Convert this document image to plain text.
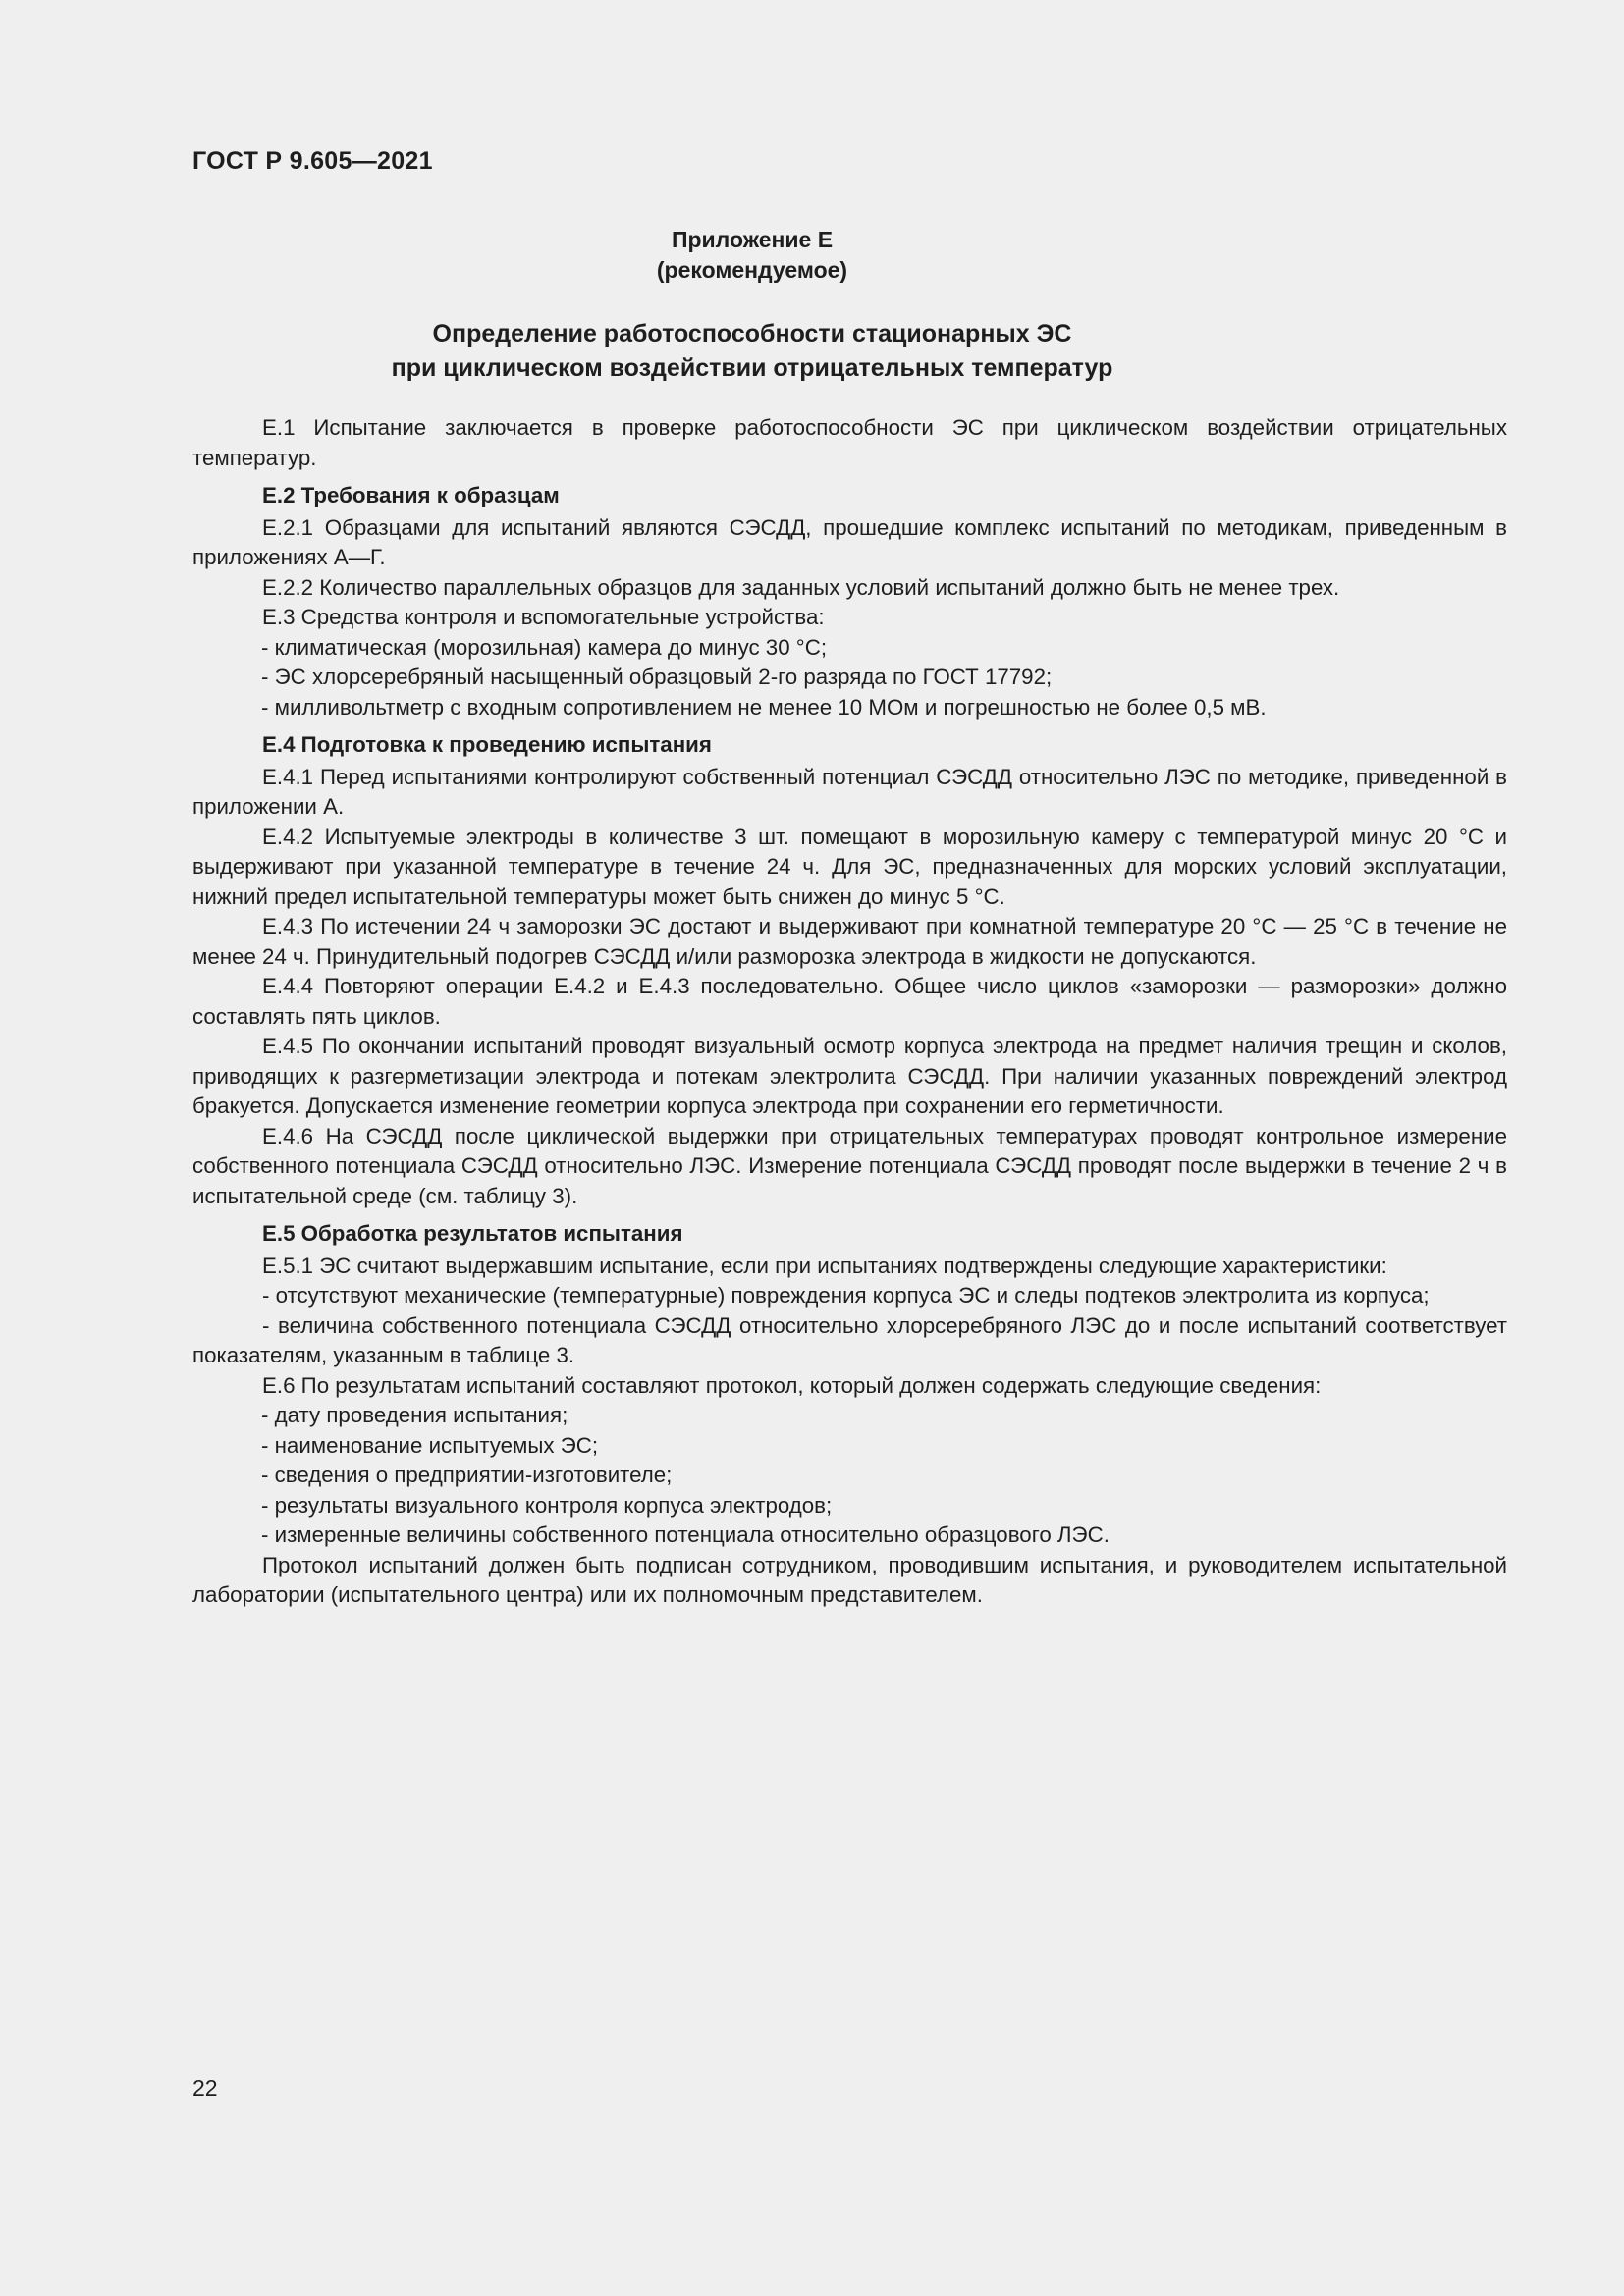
ГОСТ Р 9.605—2021
Приложение Е
(рекомендуемое)
Определение работоспособности стационарных ЭС
при циклическом воздействии отрицательных температур

Е.1 Испытание заключается в проверке работоспособности ЭС при циклическом воздействии отрицательных температур.

Е.2 Требования к образцам

Е.2.1 Образцами для испытаний являются СЭСДД, прошедшие комплекс испытаний по методикам, приведенным в приложениях А—Г.

Е.2.2 Количество параллельных образцов для заданных условий испытаний должно быть не менее трех.

Е.3 Средства контроля и вспомогательные устройства:

- климатическая (морозильная) камера до минус 30 °С;

- ЭС хлорсеребряный насыщенный образцовый 2-го разряда по ГОСТ 17792;

- милливольтметр с входным сопротивлением не менее 10 МОм и погрешностью не более 0,5 мВ.

Е.4 Подготовка к проведению испытания

Е.4.1 Перед испытаниями контролируют собственный потенциал СЭСДД относительно ЛЭС по методике, приведенной в приложении А.

Е.4.2 Испытуемые электроды в количестве 3 шт. помещают в морозильную камеру с температурой минус 20 °С и выдерживают при указанной температуре в течение 24 ч. Для ЭС, предназначенных для морских условий эксплуатации, нижний предел испытательной температуры может быть снижен до минус 5 °С.

Е.4.3 По истечении 24 ч заморозки ЭС достают и выдерживают при комнатной температуре 20 °С — 25 °С в течение не менее 24 ч. Принудительный подогрев СЭСДД и/или разморозка электрода в жидкости не допускаются.

Е.4.4 Повторяют операции Е.4.2 и Е.4.3 последовательно. Общее число циклов «заморозки — разморозки» должно составлять пять циклов.

Е.4.5 По окончании испытаний проводят визуальный осмотр корпуса электрода на предмет наличия трещин и сколов, приводящих к разгерметизации электрода и потекам электролита СЭСДД. При наличии указанных повреждений электрод бракуется. Допускается изменение геометрии корпуса электрода при сохранении его герметичности.

Е.4.6 На СЭСДД после циклической выдержки при отрицательных температурах проводят контрольное измерение собственного потенциала СЭСДД относительно ЛЭС. Измерение потенциала СЭСДД проводят после выдержки в течение 2 ч в испытательной среде (см. таблицу 3).

Е.5 Обработка результатов испытания

Е.5.1 ЭС считают выдержавшим испытание, если при испытаниях подтверждены следующие характеристики:

- отсутствуют механические (температурные) повреждения корпуса ЭС и следы подтеков электролита из корпуса;

- величина собственного потенциала СЭСДД относительно хлорсеребряного ЛЭС до и после испытаний соответствует показателям, указанным в таблице 3.

Е.6 По результатам испытаний составляют протокол, который должен содержать следующие сведения:

- дату проведения испытания;

- наименование испытуемых ЭС;

- сведения о предприятии-изготовителе;

- результаты визуального контроля корпуса электродов;

- измеренные величины собственного потенциала относительно образцового ЛЭС.

Протокол испытаний должен быть подписан сотрудником, проводившим испытания, и руководителем испытательной лаборатории (испытательного центра) или их полномочным представителем.

22
